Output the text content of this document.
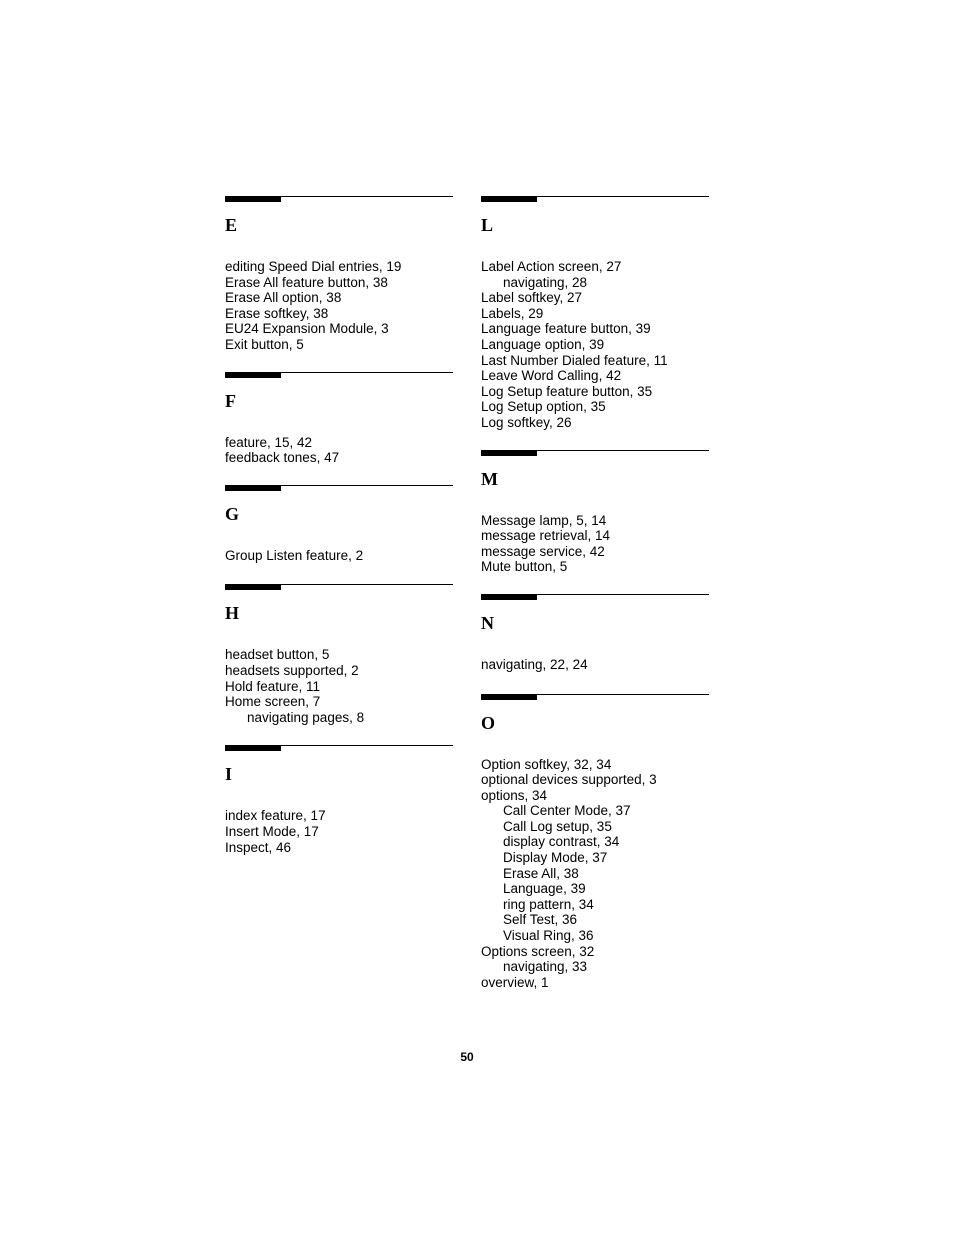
E
editing Speed Dial entries, 19
Erase All feature button, 38
Erase All option, 38
Erase softkey, 38
EU24 Expansion Module, 3
Exit button, 5
F
feature, 15, 42
feedback tones, 47
G
Group Listen feature, 2
H
headset button, 5
headsets supported, 2
Hold feature, 11
Home screen, 7
navigating pages, 8
I
index feature, 17
Insert Mode, 17
Inspect, 46
L
Label Action screen, 27
navigating, 28
Label softkey, 27
Labels, 29
Language feature button, 39
Language option, 39
Last Number Dialed feature, 11
Leave Word Calling, 42
Log Setup feature button, 35
Log Setup option, 35
Log softkey, 26
M
Message lamp, 5, 14
message retrieval, 14
message service, 42
Mute button, 5
N
navigating, 22, 24
O
Option softkey, 32, 34
optional devices supported, 3
options, 34
Call Center Mode, 37
Call Log setup, 35
display contrast, 34
Display Mode, 37
Erase All, 38
Language, 39
ring pattern, 34
Self Test, 36
Visual Ring, 36
Options screen, 32
navigating, 33
overview, 1
50
